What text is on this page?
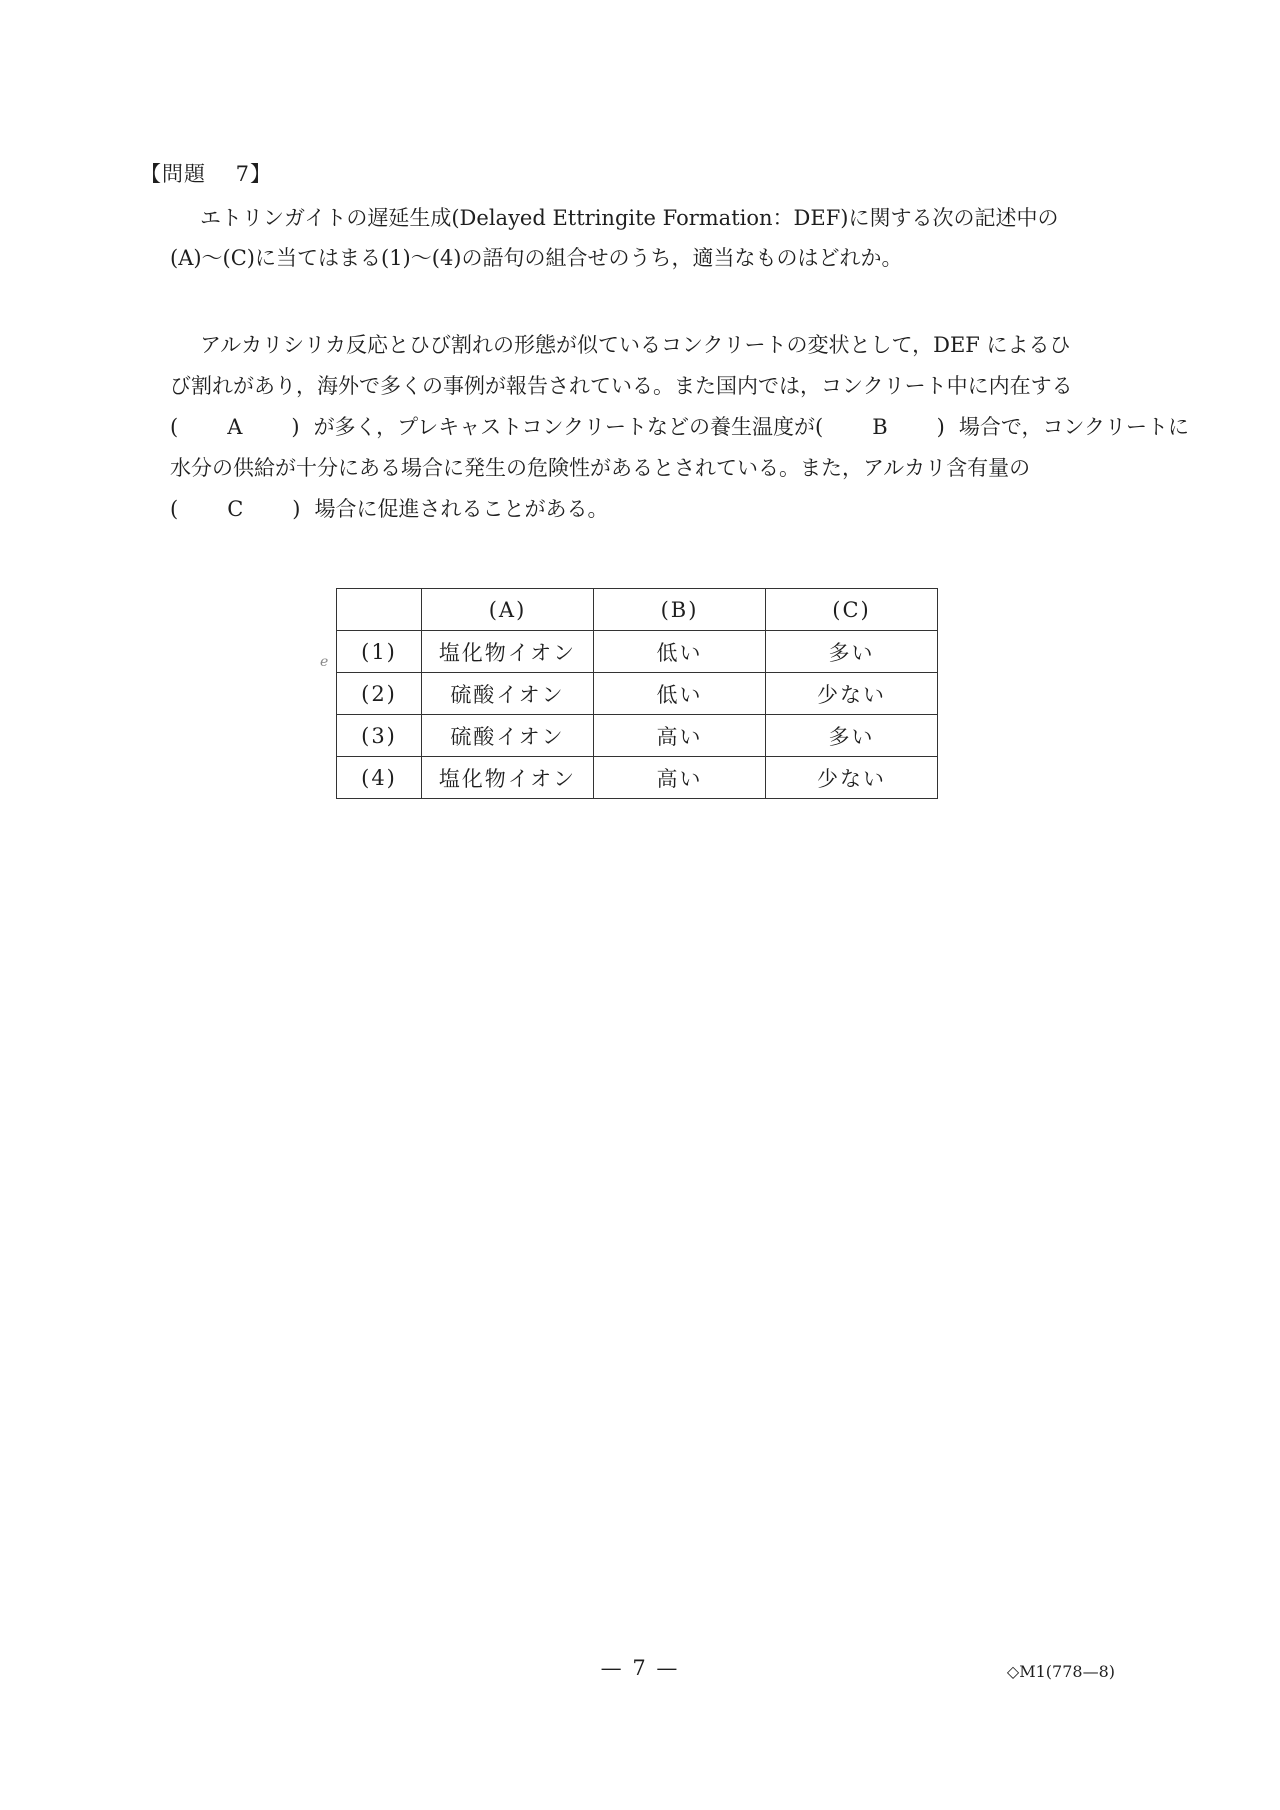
【問題　 7】

エトリンガイトの遅延生成(Delayed Ettringite Formation：DEF)に関する次の記述中の

(A)～(C)に当てはまる(1)～(4)の語句の組合せのうち，適当なものはどれか。

アルカリシリカ反応とひび割れの形態が似ているコンクリートの変状として，DEF によるひ

び割れがあり，海外で多くの事例が報告されている。また国内では，コンクリート中に内在する

(　A　)が多く，プレキャストコンクリートなどの養生温度が(　B　)場合で，コンクリートに

水分の供給が十分にある場合に発生の危険性があるとされている。また，アルカリ含有量の

(　C　)場合に促進されることがある。

e
	(A)	(B)	(C)
(1)	塩化物イオン	低い	多い
(2)	硫酸イオン	低い	少ない
(3)	硫酸イオン	高い	多い
(4)	塩化物イオン	高い	少ない
— 7 —	◇M1(778—8)
